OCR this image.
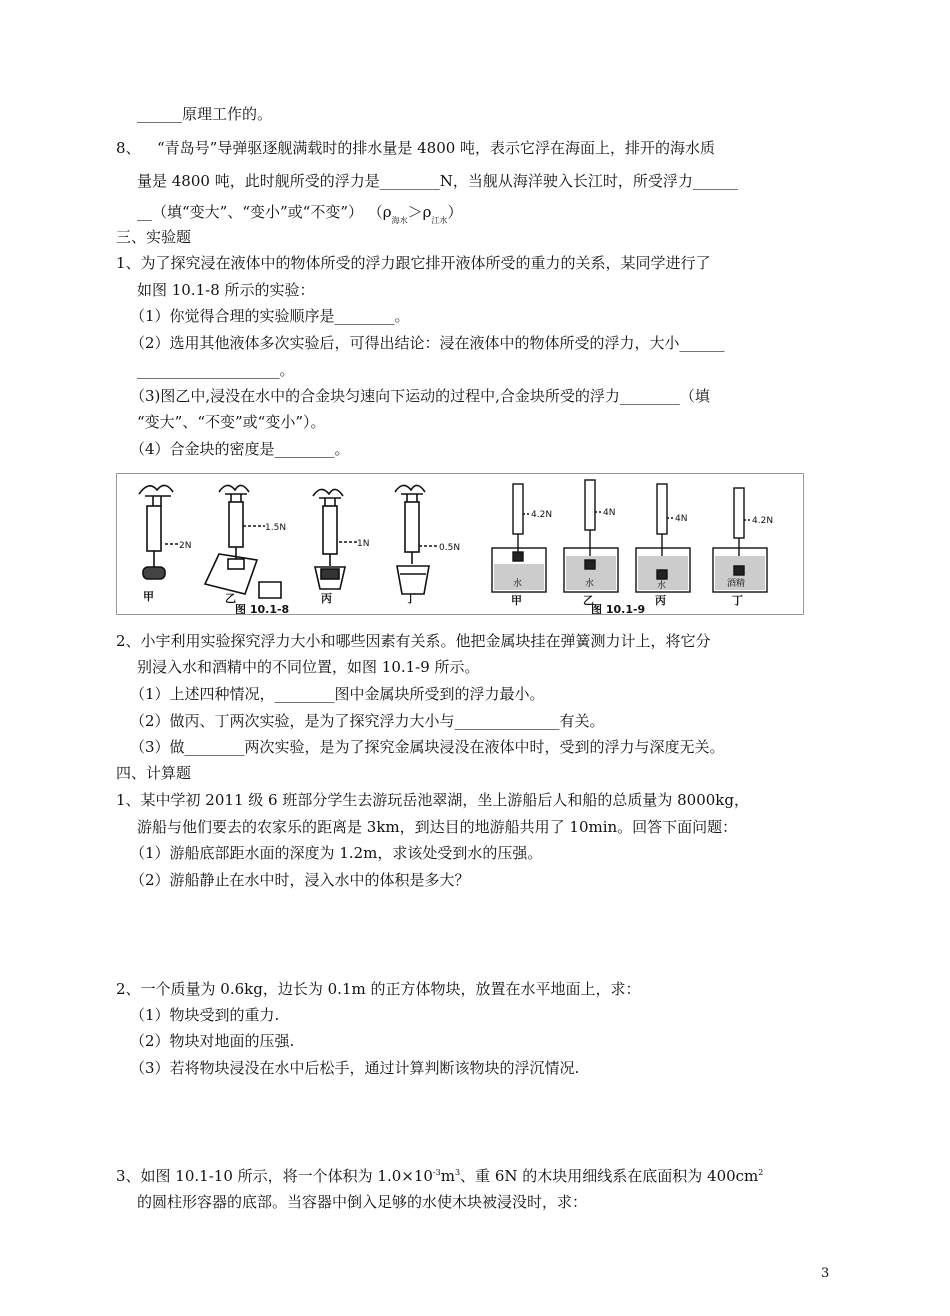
______原理工作的。
8、 “青岛号”导弹驱逐舰满载时的排水量是 4800 吨，表示它浮在海面上，排开的海水质
量是 4800 吨，此时舰所受的浮力是________N，当舰从海洋驶入长江时，所受浮力______
__（填“变大”、“变小”或“不变”） $(\rho_{海水}>\rho_{江水})$
三、实验题
1、为了探究浸在液体中的物体所受的浮力跟它排开液体所受的重力的关系，某同学进行了
如图 10.1-8 所示的实验：
（1）你觉得合理的实验顺序是________。
（2）选用其他液体多次实验后，可得出结论：浸在液体中的物体所受的浮力，大小______
___________________。
（3)图乙中,浸没在水中的合金块匀速向下运动的过程中,合金块所受的浮力________（填
“变大”、“不变”或“变小”）。
（4）合金块的密度是________。
2N
1.5N
1N	0.5N
甲	乙	丙	丁
图 10.1-8
4.2N	4N
4N	4.2N
水	水	水	酒精
甲	乙	丙	丁
图 10.1-9
2、小宇利用实验探究浮力大小和哪些因素有关系。他把金属块挂在弹簧测力计上，将它分
别浸入水和酒精中的不同位置，如图 10.1-9 所示。
（1）上述四种情况，________图中金属块所受到的浮力最小。
（2）做丙、丁两次实验，是为了探究浮力大小与______________有关。
（3）做________两次实验，是为了探究金属块浸没在液体中时，受到的浮力与深度无关。
四、计算题
1、某中学初 2011 级 6 班部分学生去游玩岳池翠湖，坐上游船后人和船的总质量为 8000kg，
游船与他们要去的农家乐的距离是 3km，到达目的地游船共用了 10min。回答下面问题：
（1）游船底部距水面的深度为 1.2m，求该处受到水的压强。
（2）游船静止在水中时，浸入水中的体积是多大？
2、一个质量为 0.6kg，边长为 0.1m 的正方体物块，放置在水平地面上，求：
（1）物块受到的重力.
（2）物块对地面的压强.
（3）若将物块浸没在水中后松手，通过计算判断该物块的浮沉情况.
3、如图 10.1-10 所示，将一个体积为 $1.0\times 10^{-3}m^3$、重 6N 的木块用细线系在底面积为 $400cm^2$
的圆柱形容器的底部。当容器中倒入足够的水使木块被浸没时，求：
3
